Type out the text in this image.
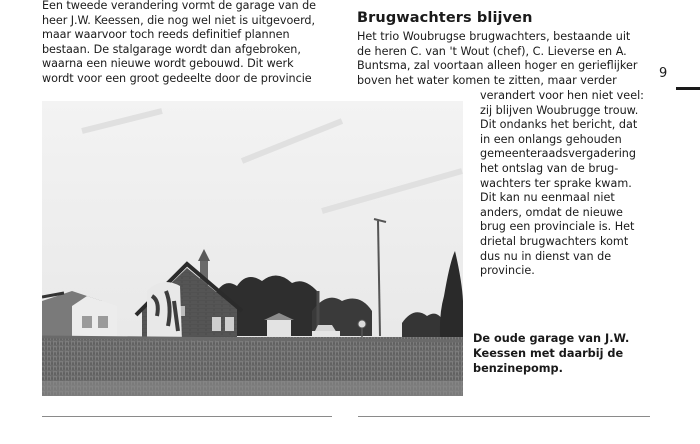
Een tweede verandering vormt de garage van de
heer J.W. Keessen, die nog wel niet is uitgevoerd,
maar waarvoor toch reeds definitief plannen
bestaan. De stalgarage wordt dan afgebroken,
waarna een nieuwe wordt gebouwd. Dit werk
wordt voor een groot gedeelte door de provincie
Brugwachters blijven
Het trio Woubrugse brugwachters, bestaande uit
de heren C. van 't Wout (chef), C. Lieverse en A.
Buntsma, zal voortaan alleen hoger en gerieflijker
boven het water komen te zitten, maar verder
verandert voor hen niet veel:
zij blijven Woubrugge trouw.
Dit ondanks het bericht, dat
in een onlangs gehouden
gemeenteraadsvergadering
het ontslag van de brug-
wachters ter sprake kwam.
Dit kan nu eenmaal niet
anders, omdat de nieuwe
brug een provinciale is. Het
drietal brugwachters komt
dus nu in dienst van de
provincie.
9
De oude garage van J.W.
Keessen met daarbij de
benzinepomp.
